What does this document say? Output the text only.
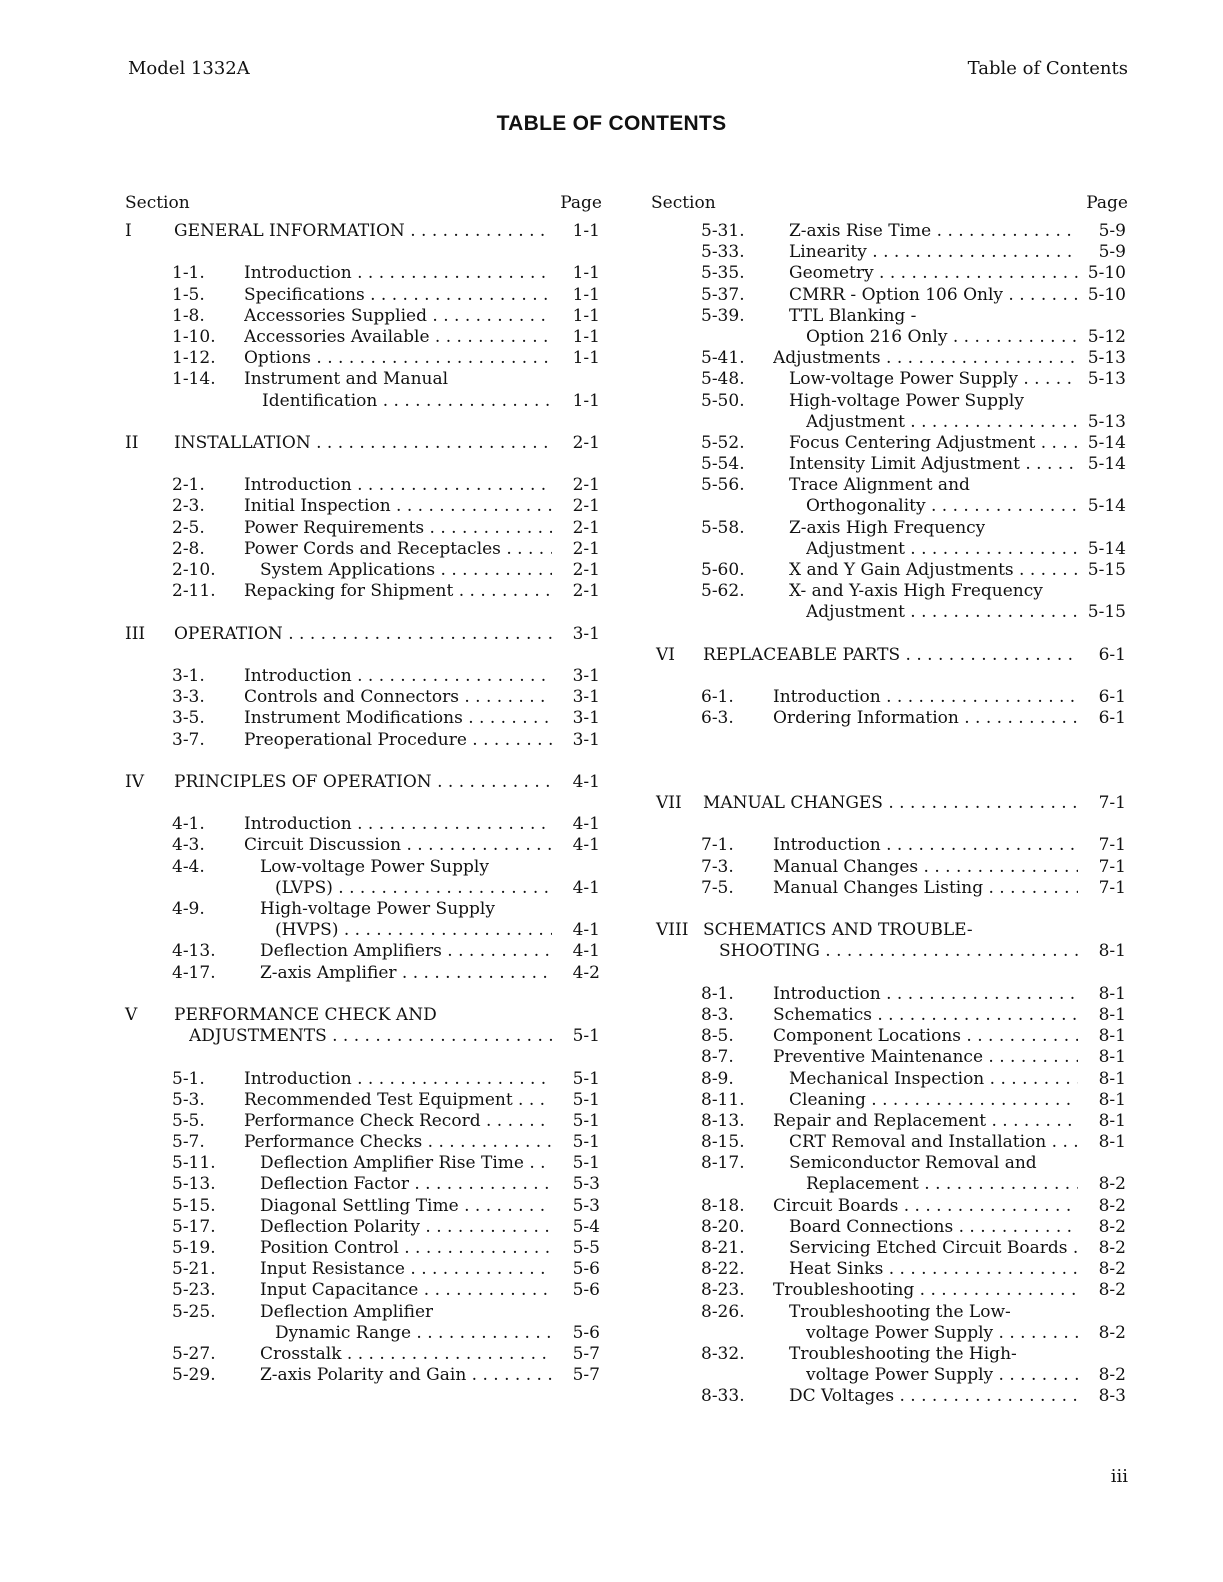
Model 1332A	Table of Contents
TABLE OF CONTENTS
Section	Page
I GENERAL INFORMATION . . .	1-1
1-1. Introduction . . .	1-1
1-5. Specifications . . .	1-1
1-8. Accessories Supplied . . .	1-1
1-10. Accessories Available . . .	1-1
1-12. Options . . .	1-1
1-14. Instrument and Manual
Identification . . .	1-1
II INSTALLATION . . .	2-1
2-1. Introduction . . .	2-1
2-3. Initial Inspection . . .	2-1
2-5. Power Requirements . . .	2-1
2-8. Power Cords and Receptacles . . .	2-1
2-10.	System Applications . . .	2-1
2-11. Repacking for Shipment . . .	2-1
III OPERATION . . .	3-1
3-1. Introduction . . .	3-1
3-3. Controls and Connectors . . .	3-1
3-5. Instrument Modifications . . .	3-1
3-7. Preoperational Procedure . . .	3-1
IV PRINCIPLES OF OPERATION . . .	4-1
4-1. Introduction . . .	4-1
4-3. Circuit Discussion . . .	4-1
4-4.	Low-voltage Power Supply
(LVPS) . . .	4-1
4-9.	High-voltage Power Supply
(HVPS) . . .	4-1
4-13.	Deflection Amplifiers . . .	4-1
4-17.	Z-axis Amplifier . . .	4-2
V PERFORMANCE CHECK AND
ADJUSTMENTS . . .	5-1
5-1. Introduction . . .	5-1
5-3. Recommended Test Equipment . . .	5-1
5-5. Performance Check Record . . .	5-1
5-7. Performance Checks . . .	5-1
5-11.	Deflection Amplifier Rise Time . . .	5-1
5-13.	Deflection Factor . . .	5-3
5-15.	Diagonal Settling Time . . .	5-3
5-17.	Deflection Polarity . . .	5-4
5-19.	Position Control . . .	5-5
5-21.	Input Resistance . . .	5-6
5-23.	Input Capacitance . . .	5-6
5-25.	Deflection Amplifier
Dynamic Range . . .	5-6
5-27.	Crosstalk . . .	5-7
5-29.	Z-axis Polarity and Gain . . .	5-7
Section	Page
5-31.	Z-axis Rise Time . . .	5-9
5-33.	Linearity . . .	5-9
5-35.	Geometry . . .	5-10
5-37.	CMRR - Option 106 Only . . .	5-10
5-39.	TTL Blanking -
Option 216 Only . . .	5-12
5-41. Adjustments . . .	5-13
5-48.	Low-voltage Power Supply . . .	5-13
5-50.	High-voltage Power Supply
Adjustment . . .	5-13
5-52.	Focus Centering Adjustment . . .	5-14
5-54.	Intensity Limit Adjustment . . .	5-14
5-56.	Trace Alignment and
Orthogonality . . .	5-14
5-58.	Z-axis High Frequency
Adjustment . . .	5-14
5-60.	X and Y Gain Adjustments . . .	5-15
5-62.	X- and Y-axis High Frequency
Adjustment . . .	5-15
VI REPLACEABLE PARTS . . .	6-1
6-1. Introduction . . .	6-1
6-3. Ordering Information . . .	6-1
VII MANUAL CHANGES . . .	7-1
7-1. Introduction . . .	7-1
7-3. Manual Changes . . .	7-1
7-5. Manual Changes Listing . . .	7-1
VIII SCHEMATICS AND TROUBLE-
SHOOTING . . .	8-1
8-1. Introduction . . .	8-1
8-3. Schematics . . .	8-1
8-5. Component Locations . . .	8-1
8-7. Preventive Maintenance . . .	8-1
8-9.	Mechanical Inspection . . .	8-1
8-11.	Cleaning . . .	8-1
8-13. Repair and Replacement . . .	8-1
8-15.	CRT Removal and Installation . . .	8-1
8-17.	Semiconductor Removal and
Replacement . . .	8-2
8-18. Circuit Boards . . .	8-2
8-20.	Board Connections . . .	8-2
8-21.	Servicing Etched Circuit Boards . . .	8-2
8-22.	Heat Sinks . . .	8-2
8-23. Troubleshooting . . .	8-2
8-26.	Troubleshooting the Low-
voltage Power Supply . . .	8-2
8-32.	Troubleshooting the High-
voltage Power Supply . . .	8-2
8-33.	DC Voltages . . .	8-3
iii
